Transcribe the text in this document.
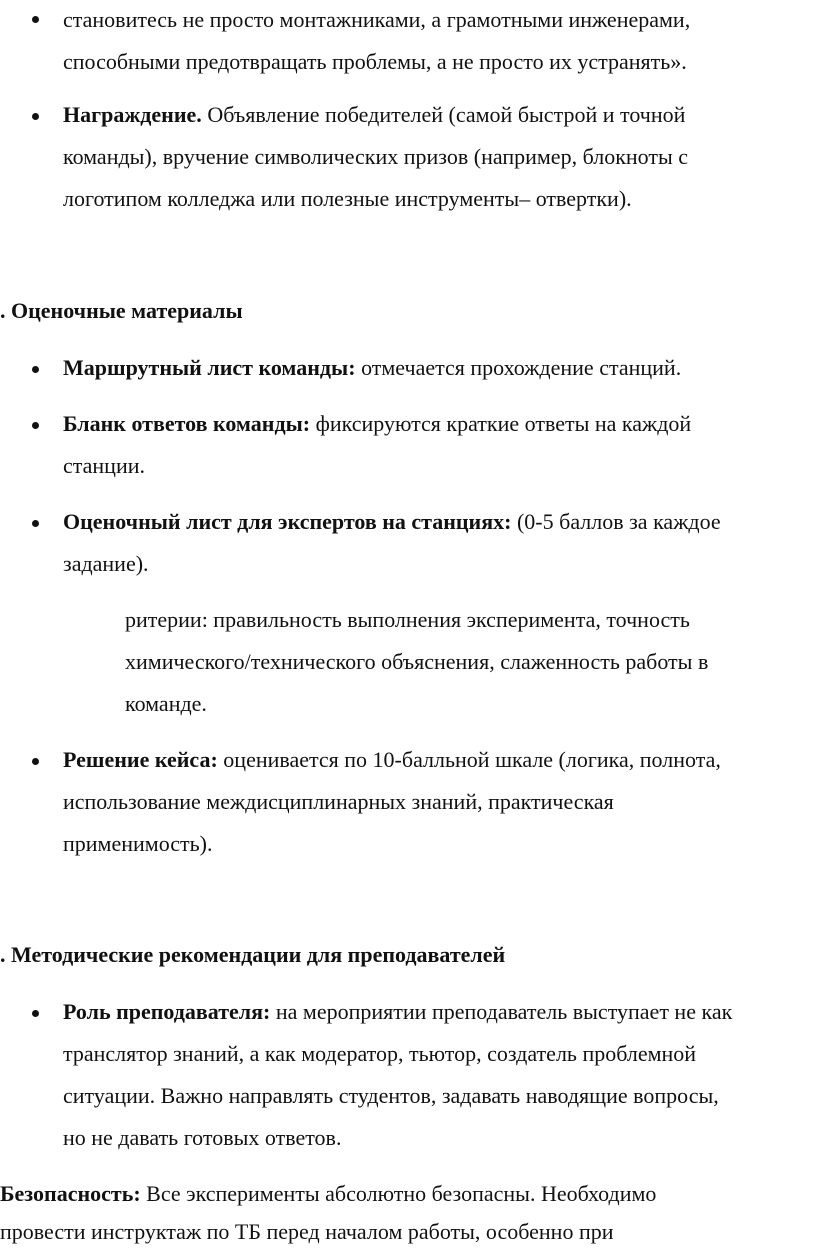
становитесь не просто монтажниками, а грамотными инженерами,
способными предотвращать проблемы, а не просто их устранять».
Награждение. Объявление победителей (самой быстрой и точной
команды), вручение символических призов (например, блокноты с
логотипом колледжа или полезные инструменты– отвертки).
. Оценочные материалы
Маршрутный лист команды: отмечается прохождение станций.
Бланк ответов команды: фиксируются краткие ответы на каждой
станции.
Оценочный лист для экспертов на станциях: (0-5 баллов за каждое
задание).
ритерии: правильность выполнения эксперимента, точность
химического/технического объяснения, слаженность работы в
команде.
Решение кейса: оценивается по 10-балльной шкале (логика, полнота,
использование междисциплинарных знаний, практическая
применимость).
. Методические рекомендации для преподавателей
Роль преподавателя: на мероприятии преподаватель выступает не как
транслятор знаний, а как модератор, тьютор, создатель проблемной
ситуации. Важно направлять студентов, задавать наводящие вопросы,
но не давать готовых ответов.
Безопасность: Все эксперименты абсолютно безопасны. Необходимо
провести инструктаж по ТБ перед началом работы, особенно при
